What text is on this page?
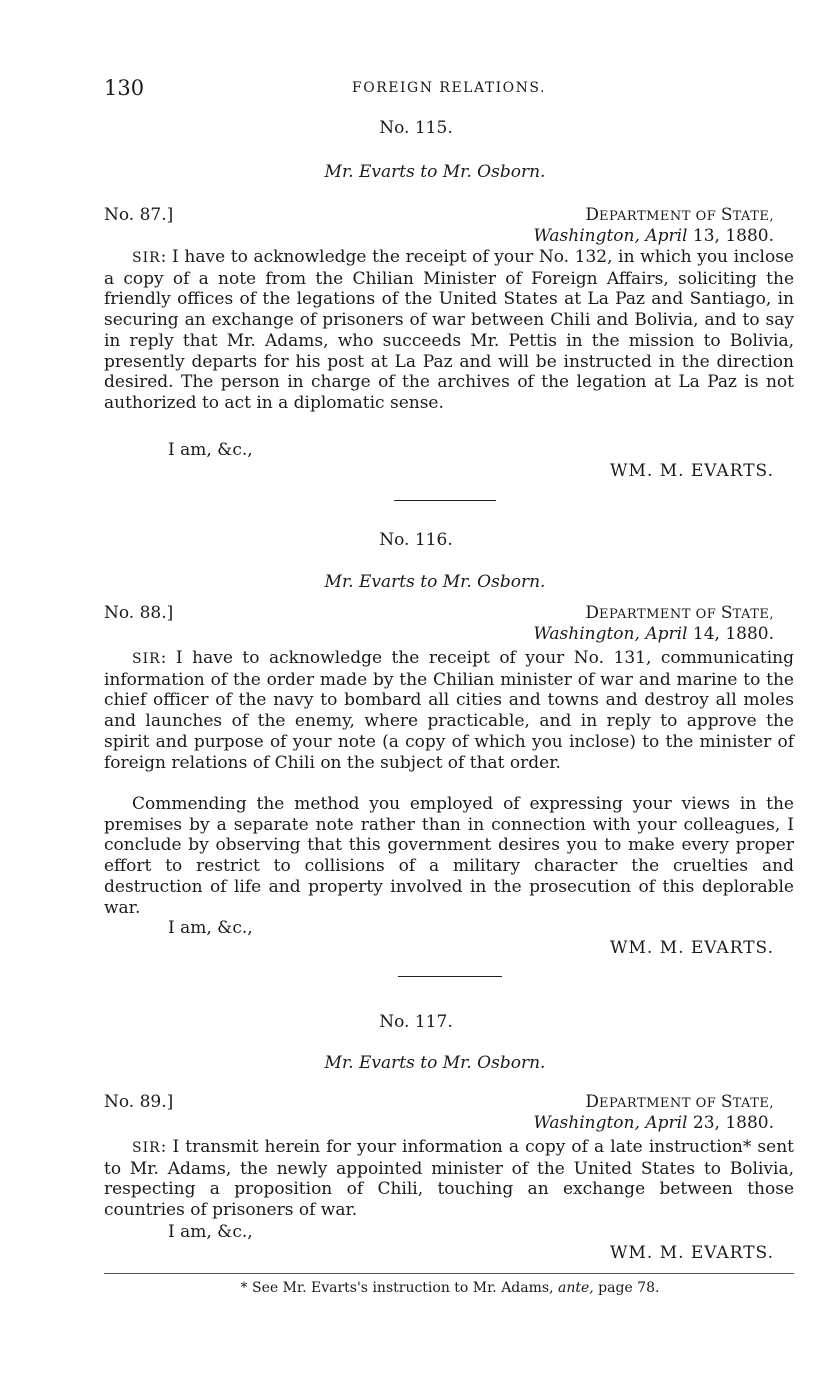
130	FOREIGN RELATIONS.
No. 115.
Mr. Evarts to Mr. Osborn.
No. 87.]	DEPARTMENT OF STATE,
Washington, April 13, 1880.

SIR: I have to acknowledge the receipt of your No. 132, in which you inclose a copy of a note from the Chilian Minister of Foreign Affairs, soliciting the friendly offices of the legations of the United States at La Paz and Santiago, in securing an exchange of prisoners of war between Chili and Bolivia, and to say in reply that Mr. Adams, who succeeds Mr. Pettis in the mission to Bolivia, presently departs for his post at La Paz and will be instructed in the direction desired. The person in charge of the archives of the legation at La Paz is not authorized to act in a diplomatic sense.

I am, &c.,
WM. M. EVARTS.
No. 116.
Mr. Evarts to Mr. Osborn.
No. 88.]	DEPARTMENT OF STATE,
Washington, April 14, 1880.

SIR: I have to acknowledge the receipt of your No. 131, communicating information of the order made by the Chilian minister of war and marine to the chief officer of the navy to bombard all cities and towns and destroy all moles and launches of the enemy, where practicable, and in reply to approve the spirit and purpose of your note (a copy of which you inclose) to the minister of foreign relations of Chili on the subject of that order.

Commending the method you employed of expressing your views in the premises by a separate note rather than in connection with your colleagues, I conclude by observing that this government desires you to make every proper effort to restrict to collisions of a military character the cruelties and destruction of life and property involved in the prosecution of this deplorable war.

I am, &c.,
WM. M. EVARTS.
No. 117.
Mr. Evarts to Mr. Osborn.
No. 89.]	DEPARTMENT OF STATE,
Washington, April 23, 1880.

SIR: I transmit herein for your information a copy of a late instruction* sent to Mr. Adams, the newly appointed minister of the United States to Bolivia, respecting a proposition of Chili, touching an exchange between those countries of prisoners of war.

I am, &c.,
WM. M. EVARTS.
* See Mr. Evarts's instruction to Mr. Adams, ante, page 78.
